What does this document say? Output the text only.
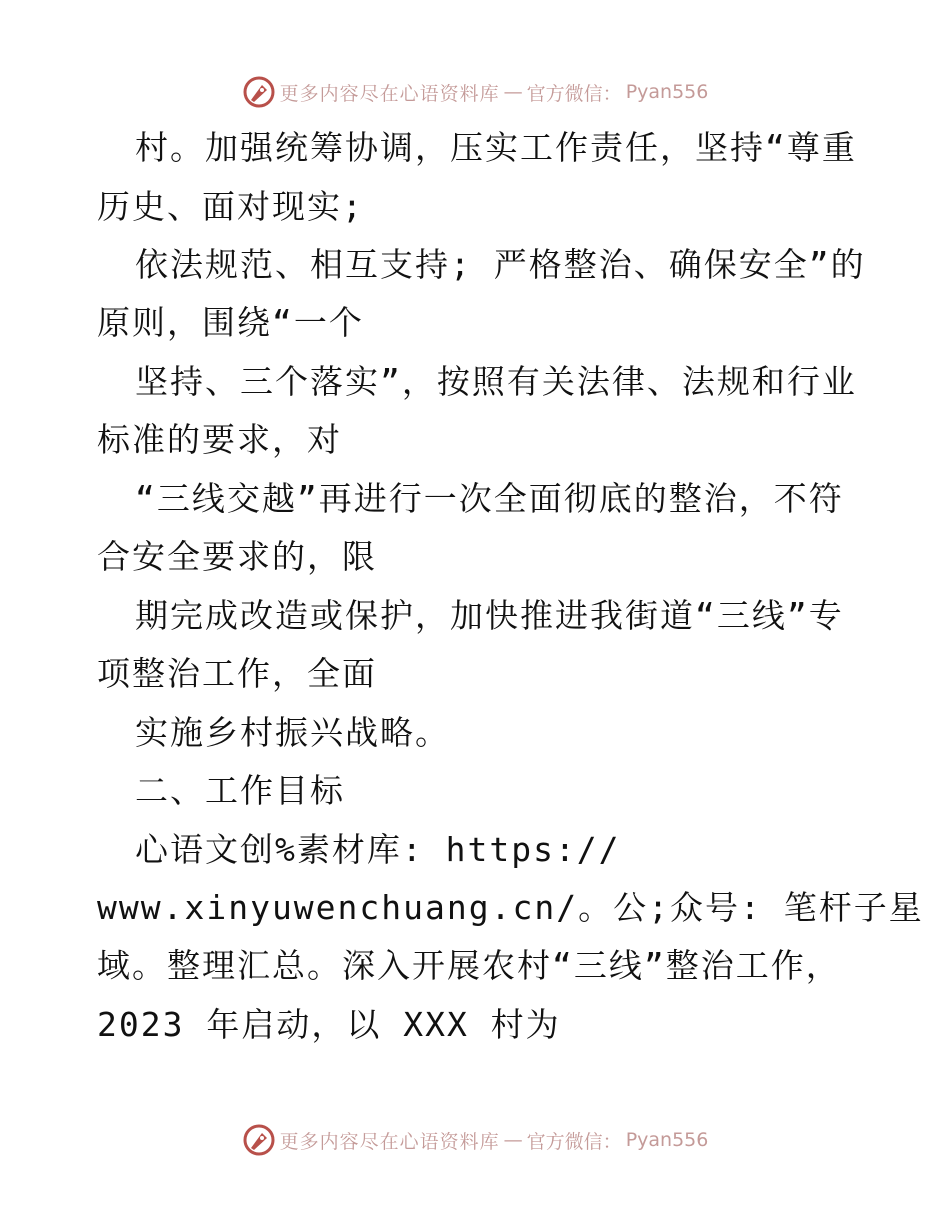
更多内容尽在心语资料库 — 官方微信： Pyan556
村。加强统筹协调，压实工作责任，坚持“尊重
历史、面对现实;
依法规范、相互支持; 严格整治、确保安全”的
原则，围绕“一个
坚持、三个落实”，按照有关法律、法规和行业
标准的要求，对
“三线交越”再进行一次全面彻底的整治，不符
合安全要求的，限
期完成改造或保护，加快推进我街道“三线”专
项整治工作，全面
实施乡村振兴战略。
二、工作目标
心语文创%素材库: https://
www.xinyuwenchuang.cn/。公;众号: 笔杆子星
域。整理汇总。深入开展农村“三线”整治工作，
2023 年启动，以 XXX 村为
更多内容尽在心语资料库 — 官方微信： Pyan556
